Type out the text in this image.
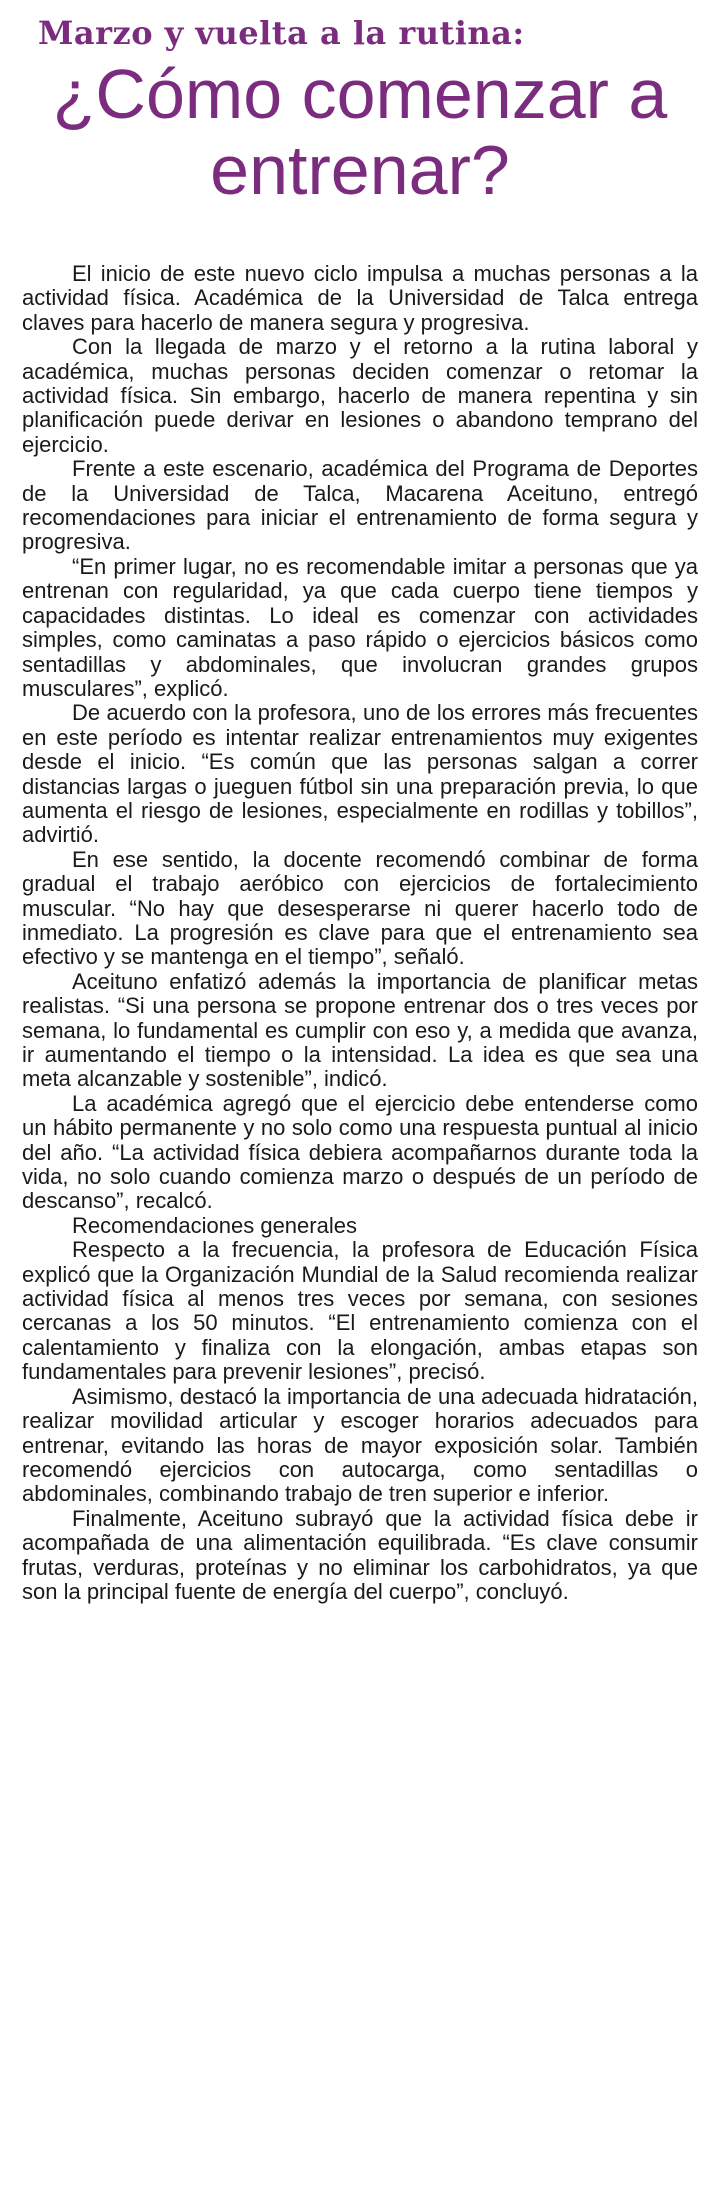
Marzo y vuelta a la rutina:
¿Cómo comenzar a entrenar?

El inicio de este nuevo ciclo impulsa a muchas personas a la actividad física. Académica de la Universidad de Talca entrega claves para hacerlo de manera segura y progresiva.

Con la llegada de marzo y el retorno a la rutina laboral y académica, muchas personas deciden comenzar o retomar la actividad física. Sin embargo, hacerlo de manera repentina y sin planificación puede derivar en lesiones o abandono temprano del ejercicio.

Frente a este escenario, académica del Programa de Deportes de la Universidad de Talca, Macarena Aceituno, entregó recomendaciones para iniciar el entrenamiento de forma segura y progresiva.

“En primer lugar, no es recomendable imitar a personas que ya entrenan con regularidad, ya que cada cuerpo tiene tiempos y capacidades distintas. Lo ideal es comenzar con actividades simples, como caminatas a paso rápido o ejercicios básicos como sentadillas y abdominales, que involucran grandes grupos musculares”, explicó.

De acuerdo con la profesora, uno de los errores más frecuentes en este período es intentar realizar entrenamientos muy exigentes desde el inicio. “Es común que las personas salgan a correr distancias largas o jueguen fútbol sin una preparación previa, lo que aumenta el riesgo de lesiones, especialmente en rodillas y tobillos”, advirtió.

En ese sentido, la docente recomendó combinar de forma gradual el trabajo aeróbico con ejercicios de fortalecimiento muscular. “No hay que desesperarse ni querer hacerlo todo de inmediato. La progresión es clave para que el entrenamiento sea efectivo y se mantenga en el tiempo”, señaló.

Aceituno enfatizó además la importancia de planificar metas realistas. “Si una persona se propone entrenar dos o tres veces por semana, lo fundamental es cumplir con eso y, a medida que avanza, ir aumentando el tiempo o la intensidad. La idea es que sea una meta alcanzable y sostenible”, indicó.

La académica agregó que el ejercicio debe entenderse como un hábito permanente y no solo como una respuesta puntual al inicio del año. “La actividad física debiera acompañarnos durante toda la vida, no solo cuando comienza marzo o después de un período de descanso”, recalcó.

Recomendaciones generales

Respecto a la frecuencia, la profesora de Educación Física explicó que la Organización Mundial de la Salud recomienda realizar actividad física al menos tres veces por semana, con sesiones cercanas a los 50 minutos. “El entrenamiento comienza con el calentamiento y finaliza con la elongación, ambas etapas son fundamentales para prevenir lesiones”, precisó.

Asimismo, destacó la importancia de una adecuada hidratación, realizar movilidad articular y escoger horarios adecuados para entrenar, evitando las horas de mayor exposición solar. También recomendó ejercicios con autocarga, como sentadillas o abdominales, combinando trabajo de tren superior e inferior.

Finalmente, Aceituno subrayó que la actividad física debe ir acompañada de una alimentación equilibrada. “Es clave consumir frutas, verduras, proteínas y no eliminar los carbohidratos, ya que son la principal fuente de energía del cuerpo”, concluyó.
